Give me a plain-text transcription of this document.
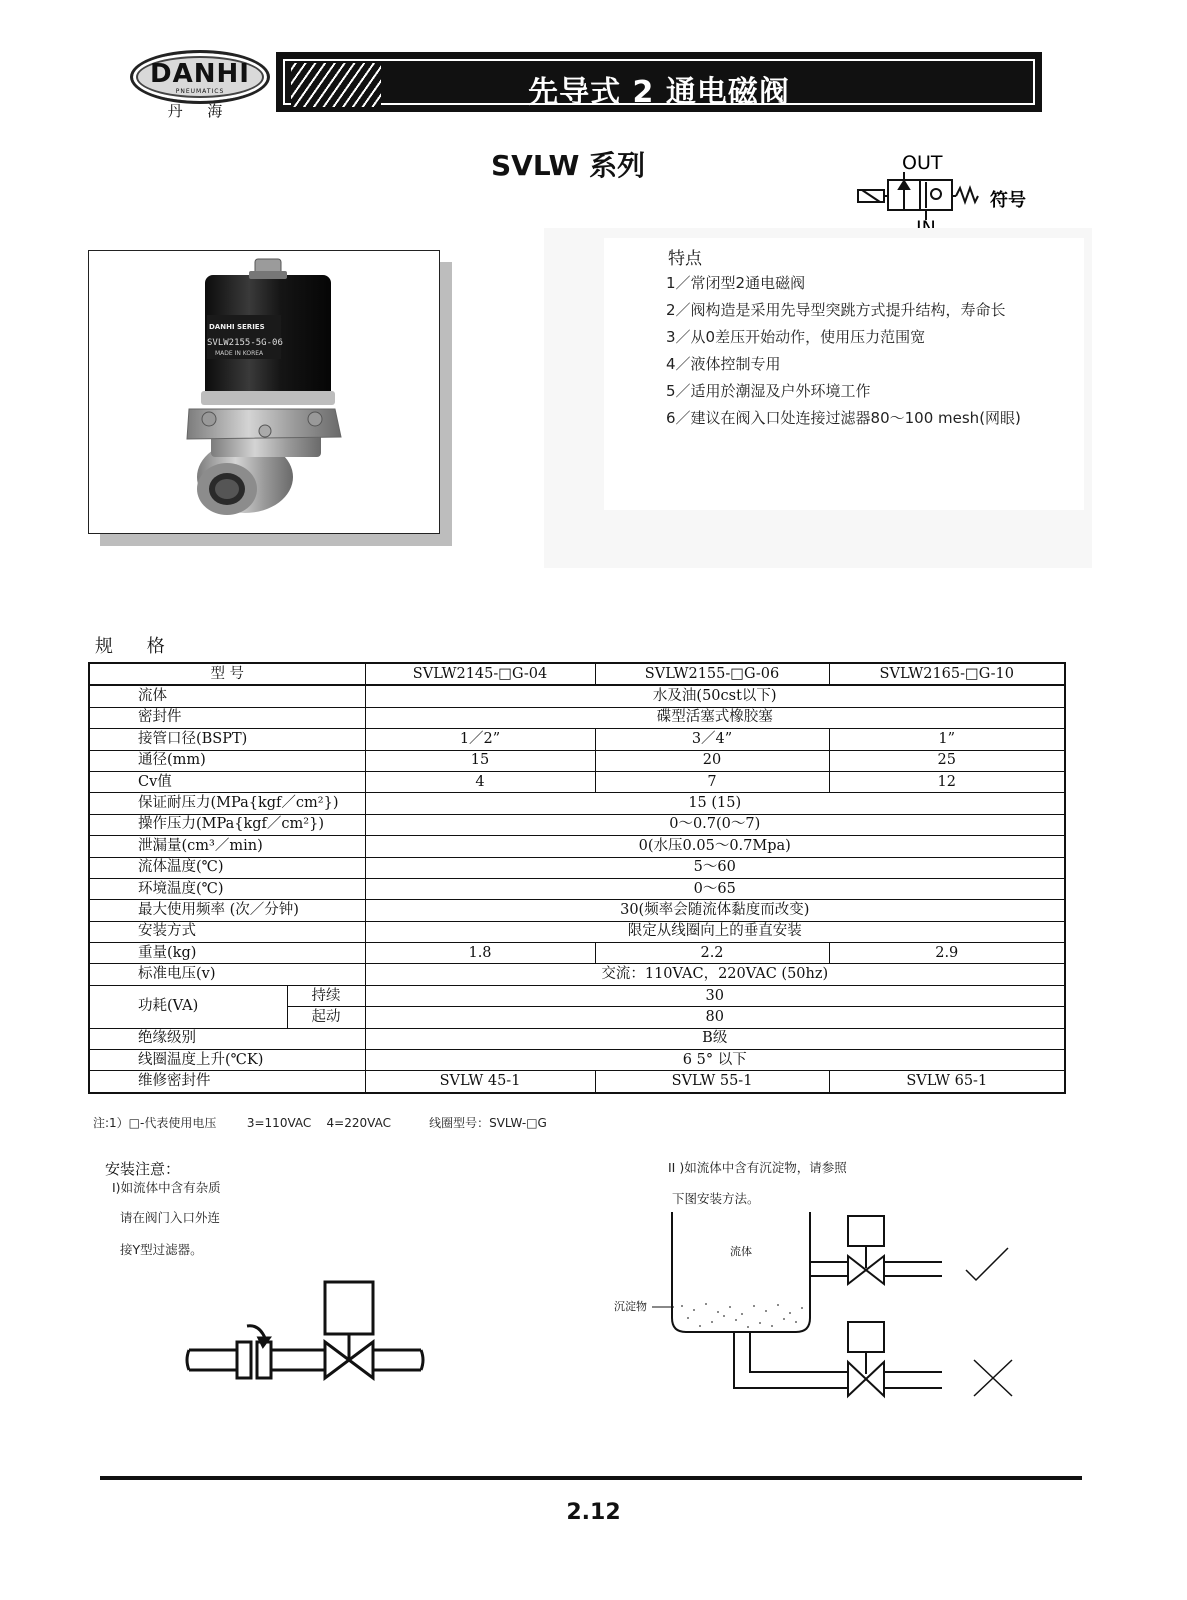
DANHI
PNEUMATICS
丹 海
先导式 2 通电磁阀
SVLW 系列	OUT
符号
DANHI SERIES
SVLW2155-5G-06
MADE IN KOREA
特点
1／常闭型2通电磁阀
2／阀构造是采用先导型突跳方式提升结构，寿命长
3／从0差压开始动作，使用压力范围宽
4／液体控制专用
5／适用於潮湿及户外环境工作
6／建议在阀入口处连接过滤器80～100 mesh(网眼)
规 格
型 号		SVLW2145-□G-04	SVLW2155-□G-06	SVLW2165-□G-10
流体		水及油(50cst以下)		
密封件		碟型活塞式橡胶塞		
接管口径(BSPT)		1／2”	3／4”	1”
通径(mm)		15	20	25
Cv值		4	7	12
保证耐压力(MPa{kgf／cm²})		15 (15)		
操作压力(MPa{kgf／cm²})		0～0.7(0～7)		
泄漏量(cm³／min)		0(水压0.05～0.7Mpa)		
流体温度(℃)		5～60		
环境温度(℃)		0～65		
最大使用频率 (次／分钟)		30(频率会随流体黏度而改变)		
安装方式		限定从线圈向上的垂直安装		
重量(kg)		1.8	2.2	2.9
标准电压(v)		交流：110VAC，220VAC (50hz)		
功耗(VA)	持续	30		
	起动	80		
绝缘级别		B级		
线圈温度上升(℃K)		6 5° 以下		
维修密封件		SVLW 45-1	SVLW 55-1	SVLW 65-1
注:1）□-代表使用电压        3=110VAC    4=220VAC          线圈型号：SVLW-□G
安装注意：
I)如流体中含有杂质
请在阀门入口外连
接Y型过滤器。
II )如流体中含有沉淀物，请参照
下图安装方法。
流体
沉淀物
2.12
